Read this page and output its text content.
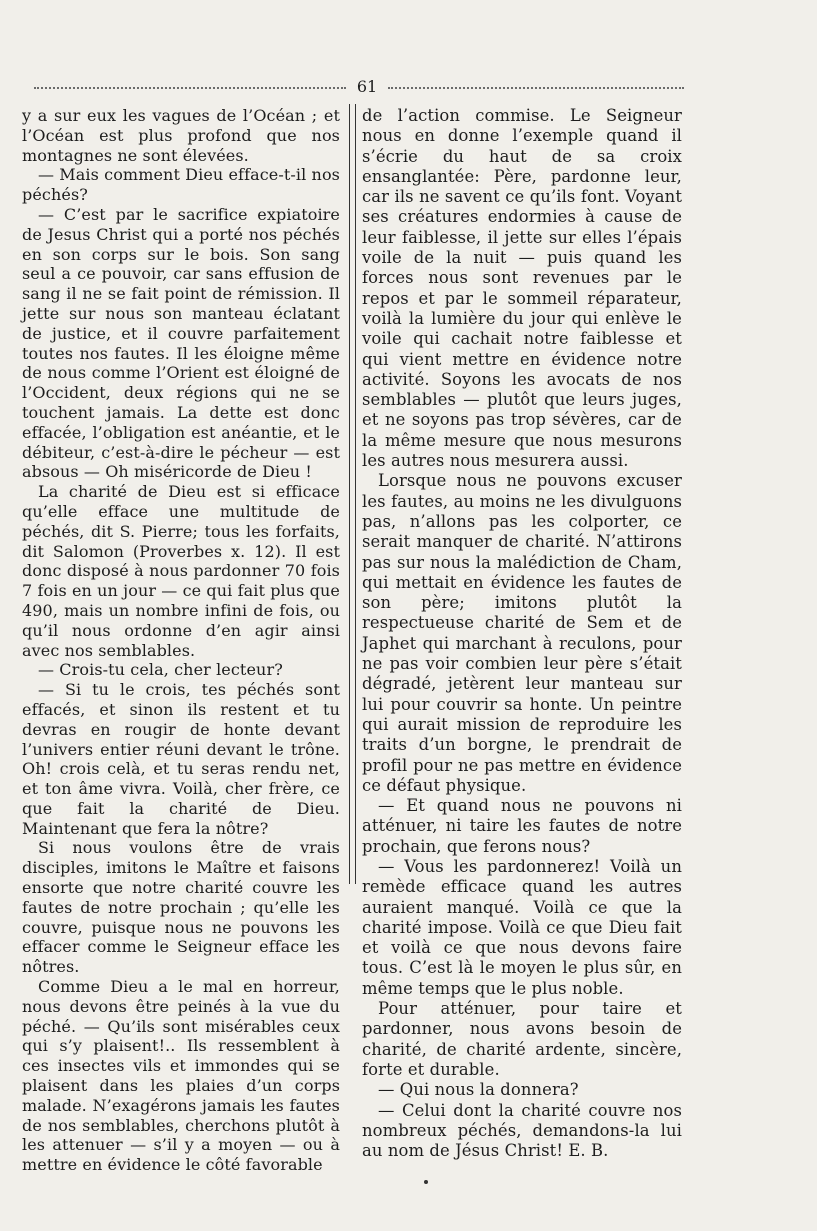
61

y a sur eux les vagues de l’Océan ; et l’Océan est plus profond que nos montagnes ne sont élevées.

— Mais comment Dieu efface-t-il nos péchés?

— C’est par le sacrifice expiatoire de Jesus Christ qui a porté nos péchés en son corps sur le bois. Son sang seul a ce pouvoir, car sans effusion de sang il ne se fait point de rémission. Il jette sur nous son manteau éclatant de justice, et il couvre parfaitement toutes nos fautes. Il les éloigne même de nous comme l’Orient est éloigné de l’Occident, deux régions qui ne se touchent jamais. La dette est donc effacée, l’obligation est anéantie, et le débiteur, c’est-à-dire le pécheur — est absous — Oh miséricorde de Dieu !

La charité de Dieu est si efficace qu’elle efface une multitude de péchés, dit S. Pierre; tous les forfaits, dit Salomon (Proverbes x. 12). Il est donc disposé à nous pardonner 70 fois 7 fois en un jour — ce qui fait plus que 490, mais un nombre infini de fois, ou qu’il nous ordonne d’en agir ainsi avec nos semblables.

— Crois-tu cela, cher lecteur?

— Si tu le crois, tes péchés sont effacés, et sinon ils restent et tu devras en rougir de honte devant l’univers entier réuni devant le trône. Oh! crois celà, et tu seras rendu net, et ton âme vivra. Voilà, cher frère, ce que fait la charité de Dieu. Maintenant que fera la nôtre?

Si nous voulons être de vrais disciples, imitons le Maître et faisons ensorte que notre charité couvre les fautes de notre prochain ; qu’elle les couvre, puisque nous ne pouvons les effacer comme le Seigneur efface les nôtres.

Comme Dieu a le mal en horreur, nous devons être peinés à la vue du péché. — Qu’ils sont misérables ceux qui s’y plaisent!.. Ils ressemblent à ces insectes vils et immondes qui se plaisent dans les plaies d’un corps malade. N’exagérons jamais les fautes de nos semblables, cherchons plutôt à les attenuer — s’il y a moyen — ou à mettre en évidence le côté favorable

de l’action commise. Le Seigneur nous en donne l’exemple quand il s’écrie du haut de sa croix ensanglantée: Père, pardonne leur, car ils ne savent ce qu’ils font. Voyant ses créatures endormies à cause de leur faiblesse, il jette sur elles l’épais voile de la nuit — puis quand les forces nous sont revenues par le repos et par le sommeil réparateur, voilà la lumière du jour qui enlève le voile qui cachait notre faiblesse et qui vient mettre en évidence notre activité. Soyons les avocats de nos semblables — plutôt que leurs juges, et ne soyons pas trop sévères, car de la même mesure que nous mesurons les autres nous mesurera aussi.

Lorsque nous ne pouvons excuser les fautes, au moins ne les divulguons pas, n’allons pas les colporter, ce serait manquer de charité. N’attirons pas sur nous la malédiction de Cham, qui mettait en évidence les fautes de son père; imitons plutôt la respectueuse charité de Sem et de Japhet qui marchant à reculons, pour ne pas voir combien leur père s’était dégradé, jetèrent leur manteau sur lui pour couvrir sa honte. Un peintre qui aurait mission de reproduire les traits d’un borgne, le prendrait de profil pour ne pas mettre en évidence ce défaut physique.

— Et quand nous ne pouvons ni atténuer, ni taire les fautes de notre prochain, que ferons nous?

— Vous les pardonnerez! Voilà un remède efficace quand les autres auraient manqué. Voilà ce que la charité impose. Voilà ce que Dieu fait et voilà ce que nous devons faire tous. C’est là le moyen le plus sûr, en même temps que le plus noble.

Pour atténuer, pour taire et pardonner, nous avons besoin de charité, de charité ardente, sincère, forte et durable.

— Qui nous la donnera?

— Celui dont la charité couvre nos nombreux péchés, demandons-la lui au nom de Jésus Christ! E. B.
